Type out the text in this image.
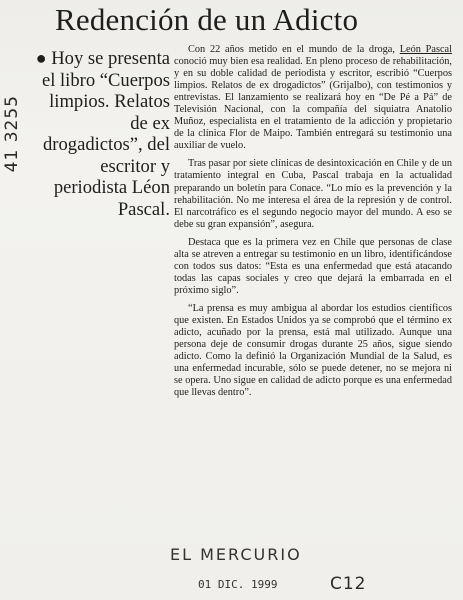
Redención de un Adicto
● Hoy se presenta el libro “Cuerpos limpios. Relatos de ex drogadictos”, del escritor y periodista Léon Pascal.
41 3255

Con 22 años metido en el mundo de la droga, León Pascal conoció muy bien esa realidad. En pleno proceso de rehabilitación, y en su doble calidad de periodista y escritor, escribió “Cuerpos limpios. Relatos de ex drogadictos” (Grijalbo), con testimonios y entrevistas. El lanzamiento se realizará hoy en “De Pé a Pá” de Televisión Nacional, con la compañía del siquiatra Anatolio Muñoz, especialista en el tratamiento de la adicción y propietario de la clínica Flor de Maipo. También entregará su testimonio una auxiliar de vuelo.

Tras pasar por siete clínicas de desintoxicación en Chile y de un tratamiento integral en Cuba, Pascal trabaja en la actualidad preparando un boletín para Conace. “Lo mío es la prevención y la rehabilitación. No me interesa el área de la represión y de control. El narcotráfico es el segundo negocio mayor del mundo. A eso se debe su gran expansión”, asegura.

Destaca que es la primera vez en Chile que personas de clase alta se atreven a entregar su testimonio en un libro, identificándose con todos sus datos: “Esta es una enfermedad que está atacando todas las capas sociales y creo que dejará la embarrada en el próximo siglo”.

“La prensa es muy ambigua al abordar los estudios científicos que existen. En Estados Unidos ya se comprobó que el término ex adicto, acuñado por la prensa, está mal utilizado. Aunque una persona deje de consumir drogas durante 25 años, sigue siendo adicto. Como la definió la Organización Mundial de la Salud, es una enfermedad incurable, sólo se puede detener, no se mejora ni se opera. Uno sigue en calidad de adicto porque es una enfermedad que llevas dentro”.

EL MERCURIO
01 DIC. 1999	C12
